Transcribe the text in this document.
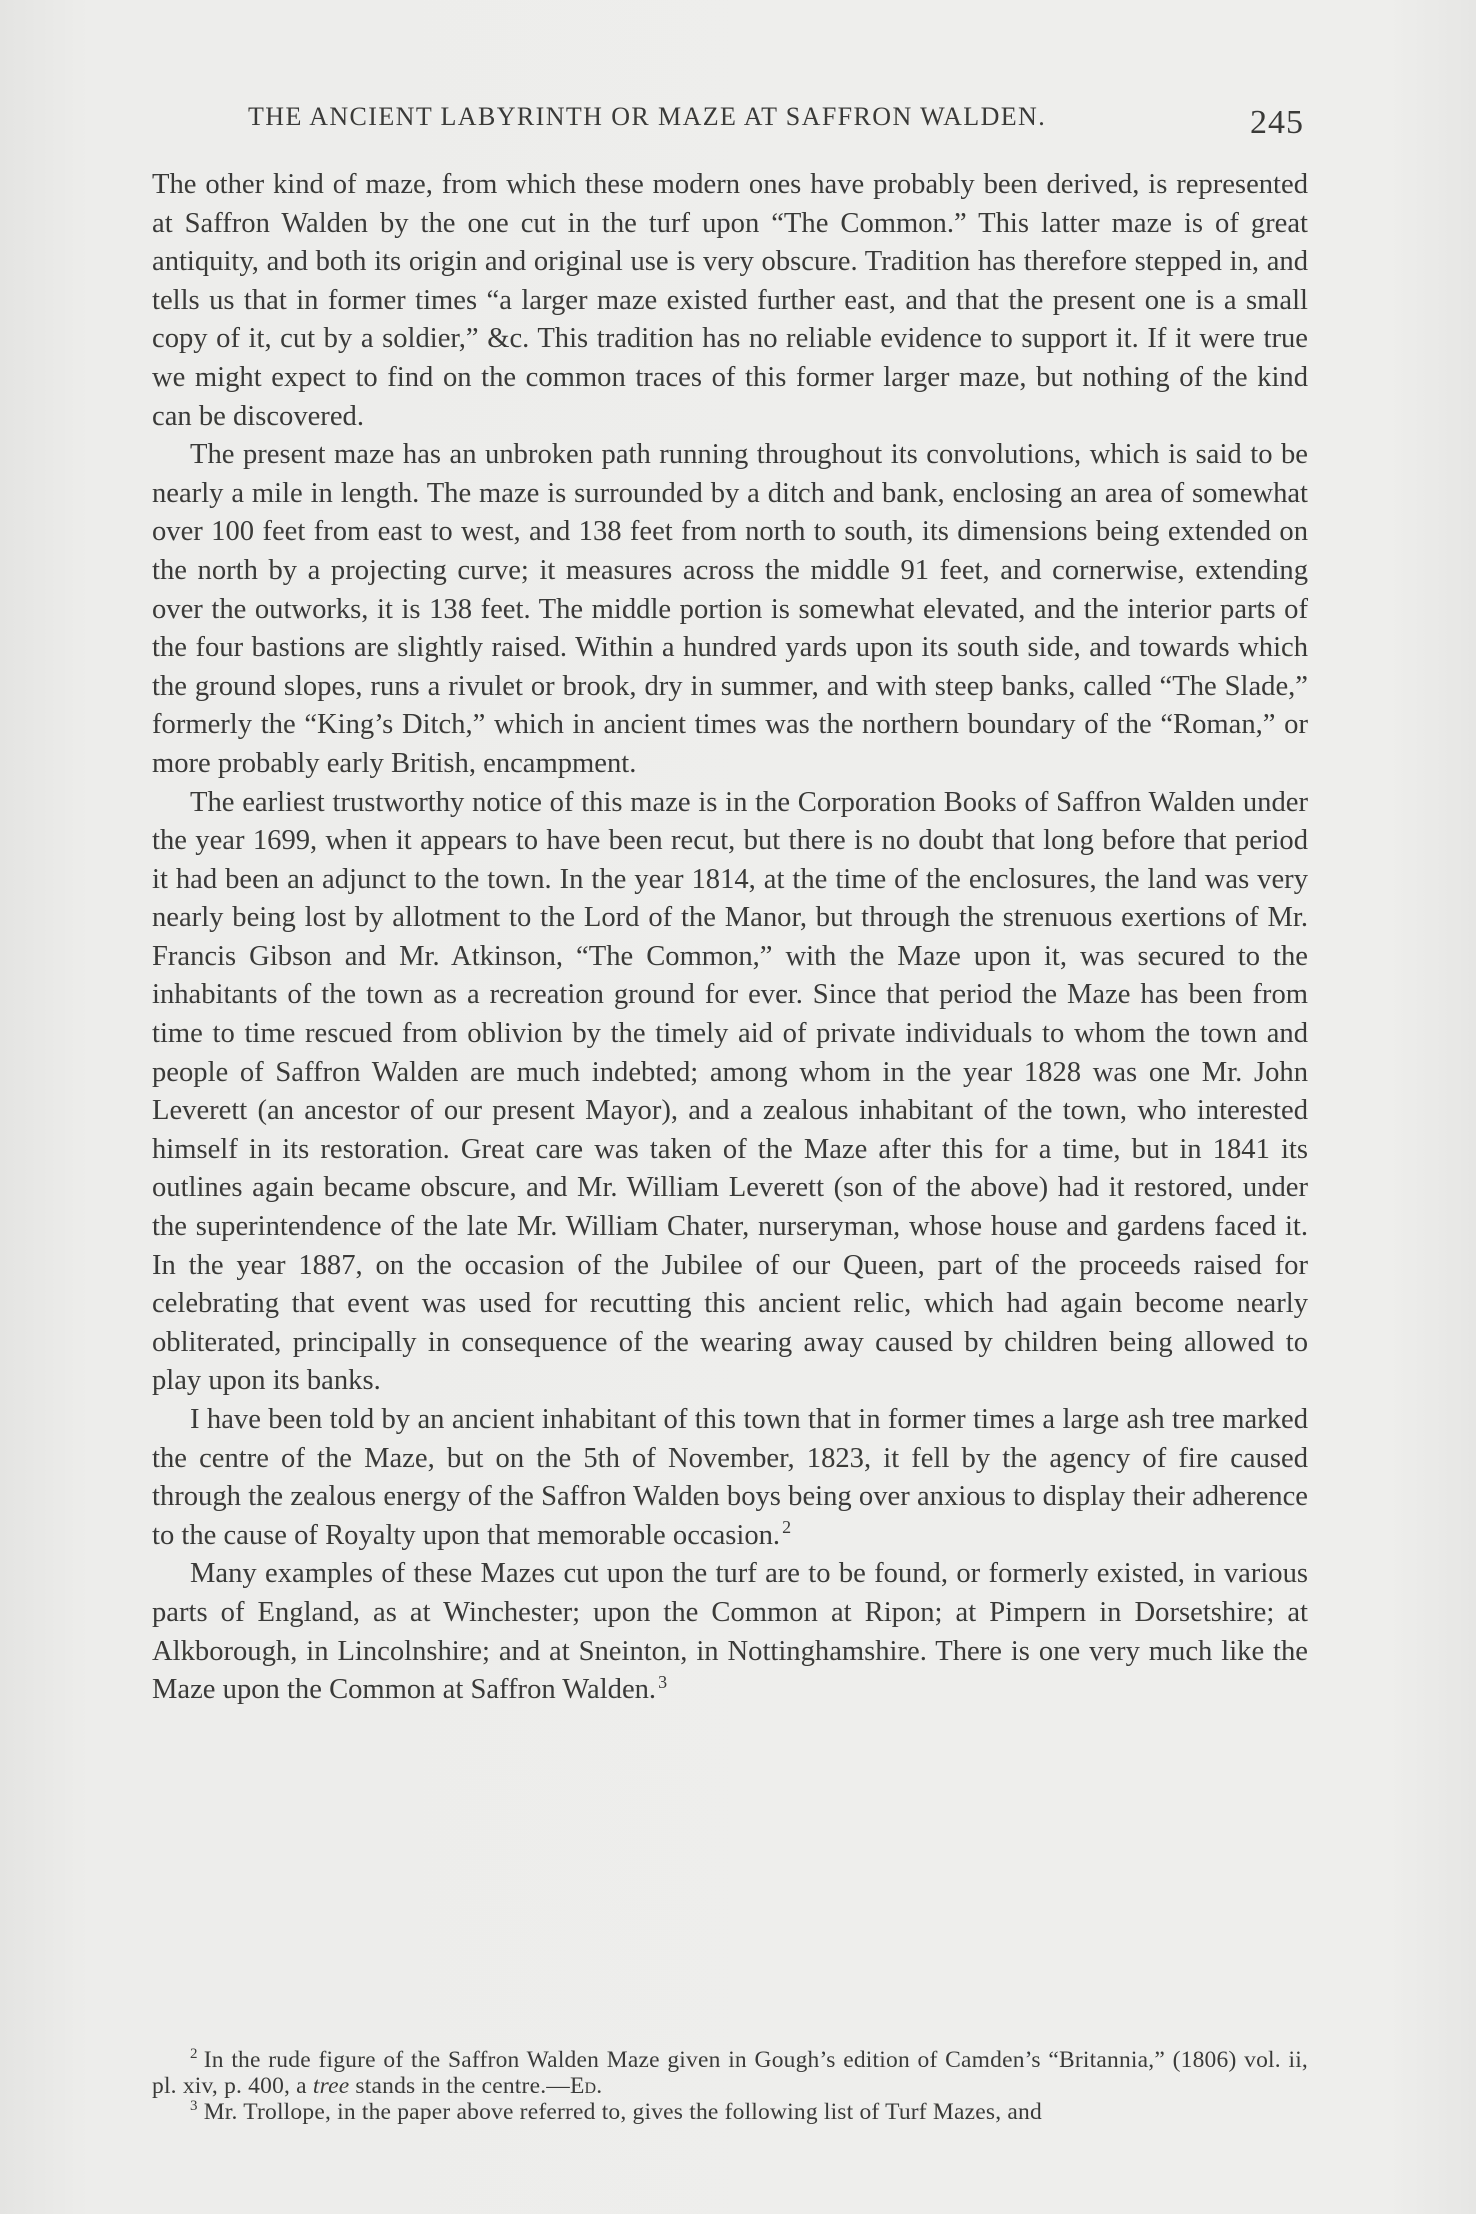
THE ANCIENT LABYRINTH OR MAZE AT SAFFRON WALDEN.	245

The other kind of maze, from which these modern ones have probably been derived, is represented at Saffron Walden by the one cut in the turf upon “The Common.” This latter maze is of great antiquity, and both its origin and original use is very obscure. Tradition has therefore stepped in, and tells us that in former times “a larger maze existed further east, and that the present one is a small copy of it, cut by a soldier,” &c. This tradition has no reliable evidence to support it. If it were true we might expect to find on the common traces of this former larger maze, but nothing of the kind can be discovered.

The present maze has an unbroken path running throughout its convolutions, which is said to be nearly a mile in length. The maze is surrounded by a ditch and bank, enclosing an area of somewhat over 100 feet from east to west, and 138 feet from north to south, its dimensions being extended on the north by a projecting curve; it measures across the middle 91 feet, and cornerwise, extending over the outworks, it is 138 feet. The middle portion is somewhat elevated, and the interior parts of the four bastions are slightly raised. Within a hundred yards upon its south side, and towards which the ground slopes, runs a rivulet or brook, dry in summer, and with steep banks, called “The Slade,” formerly the “King’s Ditch,” which in ancient times was the northern boundary of the “Roman,” or more probably early British, encampment.

The earliest trustworthy notice of this maze is in the Corporation Books of Saffron Walden under the year 1699, when it appears to have been recut, but there is no doubt that long before that period it had been an adjunct to the town. In the year 1814, at the time of the enclosures, the land was very nearly being lost by allotment to the Lord of the Manor, but through the strenuous exertions of Mr. Francis Gibson and Mr. Atkinson, “The Common,” with the Maze upon it, was secured to the inhabitants of the town as a recreation ground for ever. Since that period the Maze has been from time to time rescued from oblivion by the timely aid of private individuals to whom the town and people of Saffron Walden are much indebted; among whom in the year 1828 was one Mr. John Leverett (an ancestor of our present Mayor), and a zealous inhabitant of the town, who interested himself in its restoration. Great care was taken of the Maze after this for a time, but in 1841 its outlines again became obscure, and Mr. William Leverett (son of the above) had it restored, under the superintendence of the late Mr. William Chater, nurseryman, whose house and gardens faced it. In the year 1887, on the occasion of the Jubilee of our Queen, part of the proceeds raised for celebrating that event was used for recutting this ancient relic, which had again become nearly obliterated, principally in consequence of the wearing away caused by children being allowed to play upon its banks.

I have been told by an ancient inhabitant of this town that in former times a large ash tree marked the centre of the Maze, but on the 5th of November, 1823, it fell by the agency of fire caused through the zealous energy of the Saffron Walden boys being over anxious to display their adherence to the cause of Royalty upon that memorable occasion. $^2$

Many examples of these Mazes cut upon the turf are to be found, or formerly existed, in various parts of England, as at Winchester; upon the Common at Ripon; at Pimpern in Dorsetshire; at Alkborough, in Lincolnshire; and at Sneinton, in Nottinghamshire. There is one very much like the Maze upon the Common at Saffron Walden. $^3$

$^2$ In the rude figure of the Saffron Walden Maze given in Gough’s edition of Camden’s “Britannia,” (1806) vol. ii, pl. xiv, p. 400, a tree stands in the centre.—Ed.

$^3$ Mr. Trollope, in the paper above referred to, gives the following list of Turf Mazes, and
